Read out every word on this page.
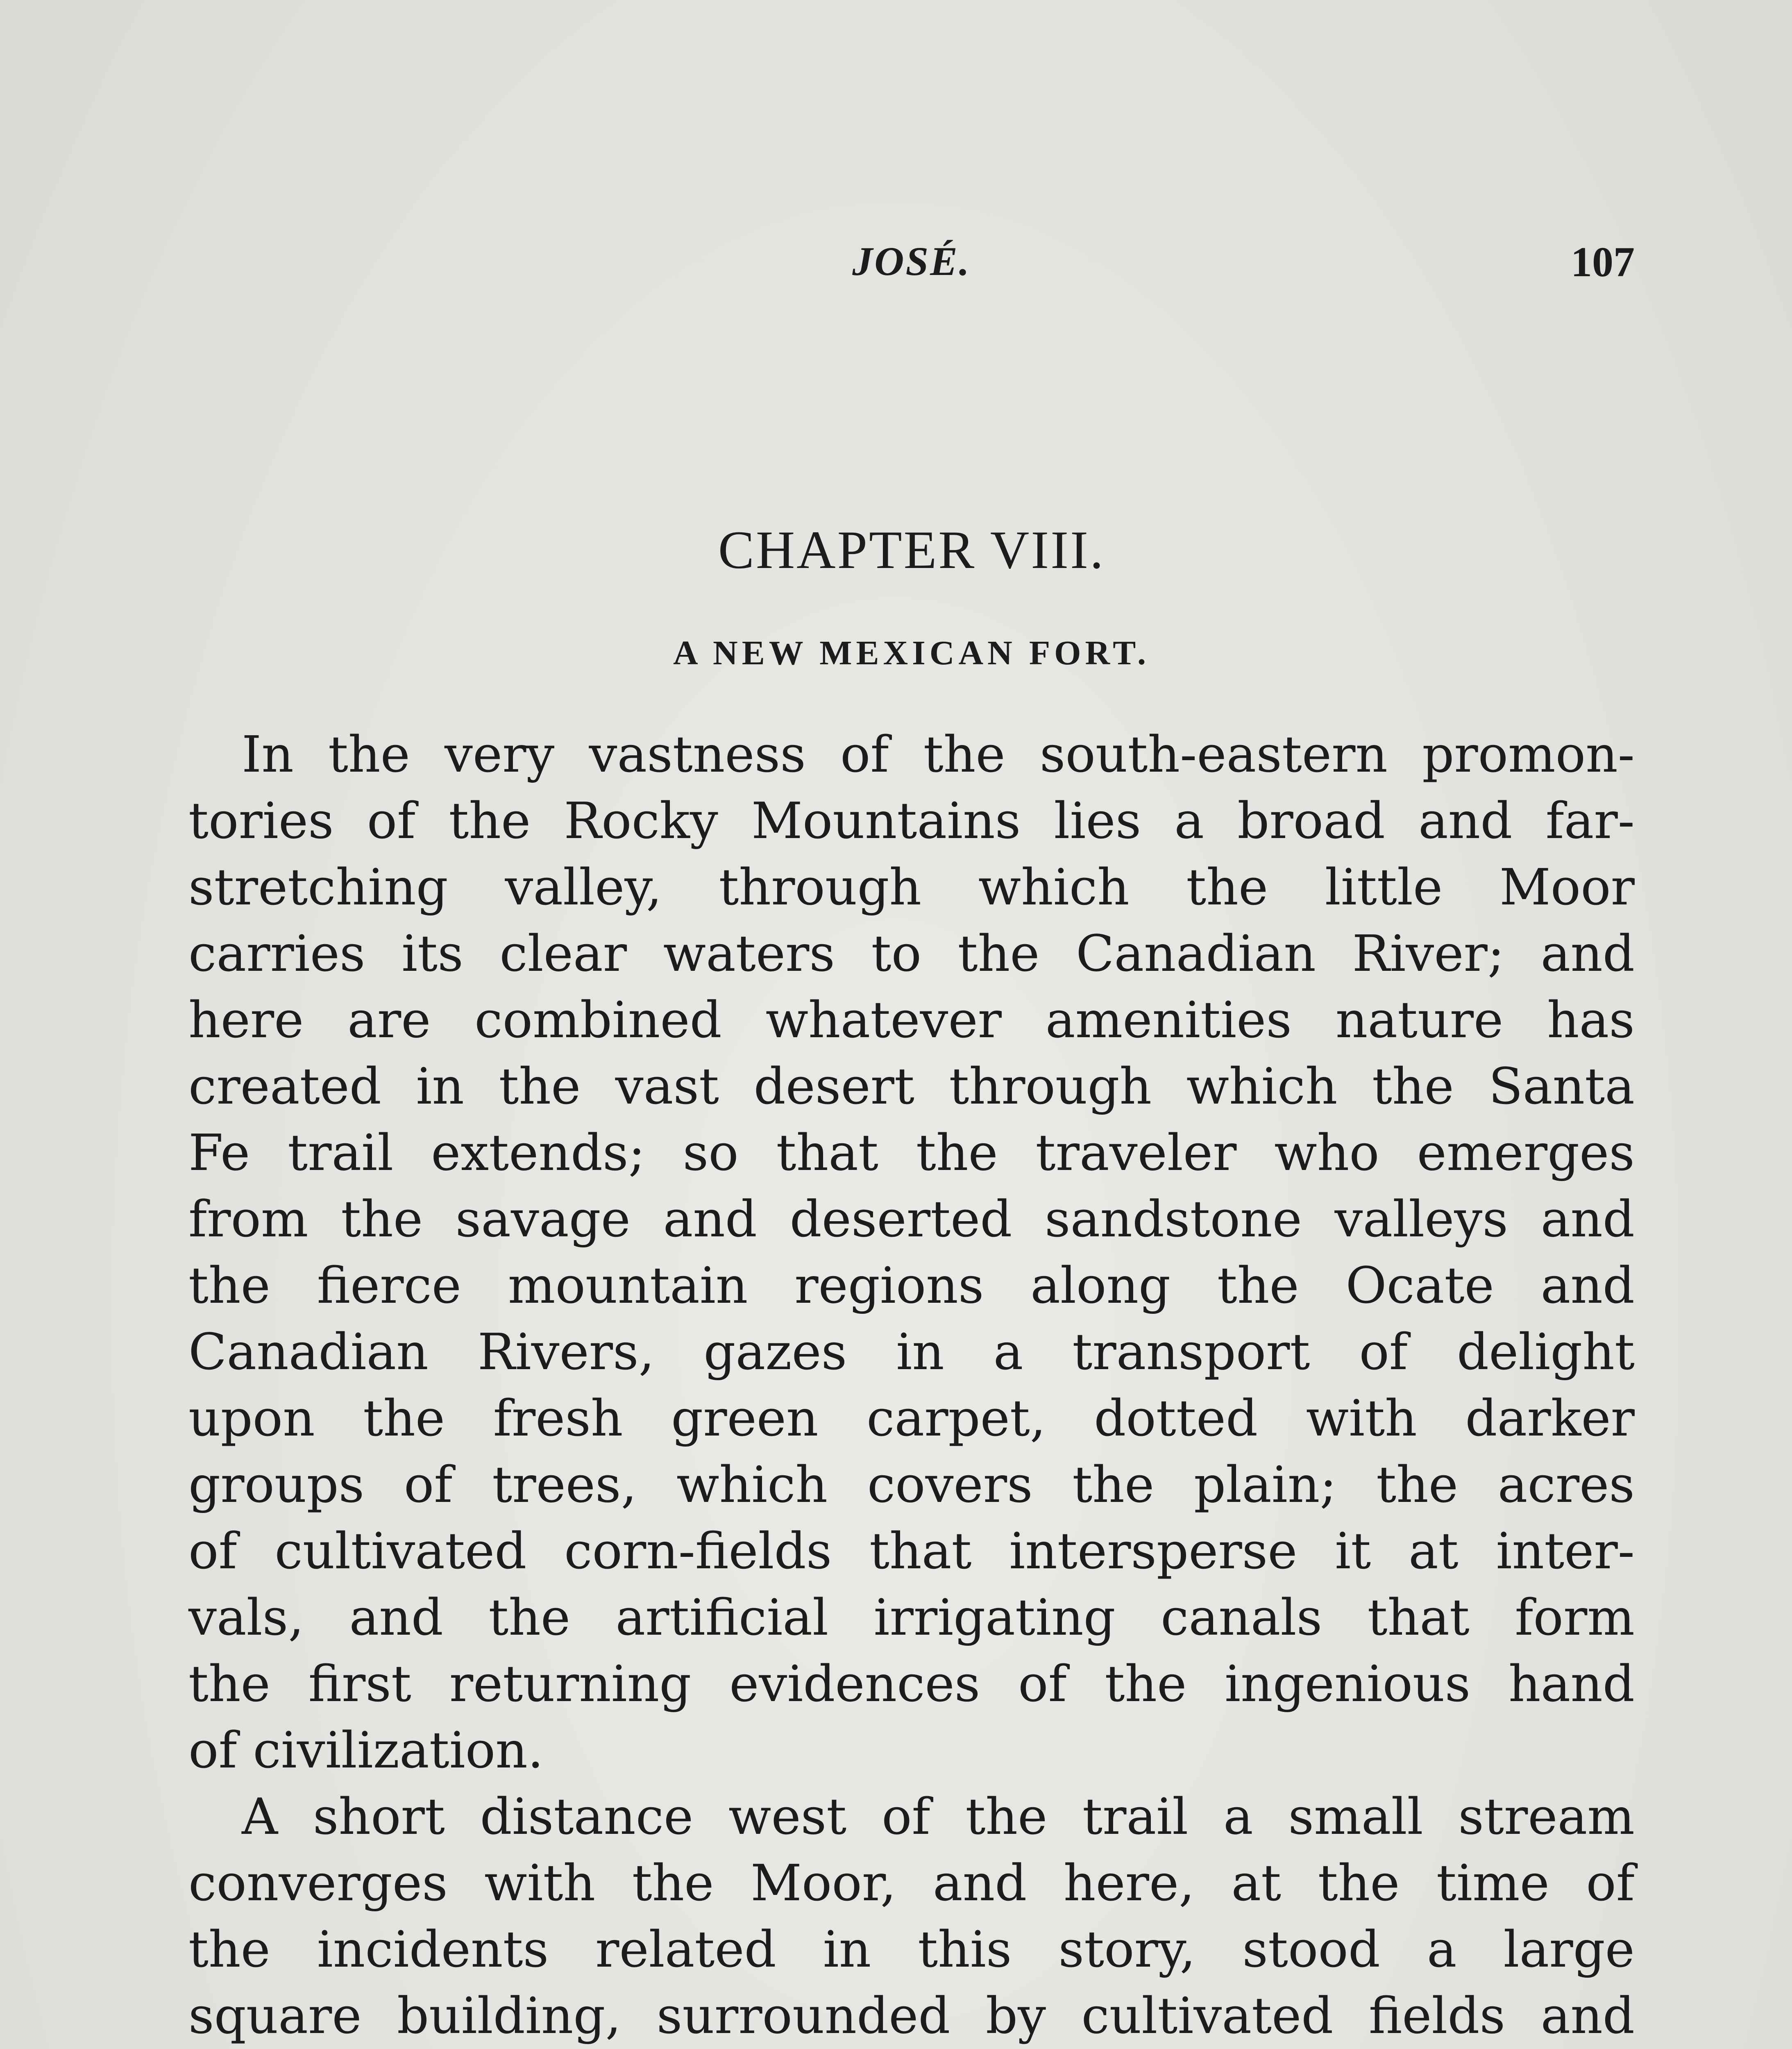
JOSÉ.	107
CHAPTER VIII.
A NEW MEXICAN FORT.
In the very vastness of the south-eastern promon-
tories of the Rocky Mountains lies a broad and far-
stretching valley, through which the little Moor
carries its clear waters to the Canadian River; and
here are combined whatever amenities nature has
created in the vast desert through which the Santa
Fe trail extends; so that the traveler who emerges
from the savage and deserted sandstone valleys and
the fierce mountain regions along the Ocate and
Canadian Rivers, gazes in a transport of delight
upon the fresh green carpet, dotted with darker
groups of trees, which covers the plain; the acres
of cultivated corn-fields that intersperse it at inter-
vals, and the artificial irrigating canals that form
the first returning evidences of the ingenious hand
of civilization.
A short distance west of the trail a small stream
converges with the Moor, and here, at the time of
the incidents related in this story, stood a large
square building, surrounded by cultivated fields and
